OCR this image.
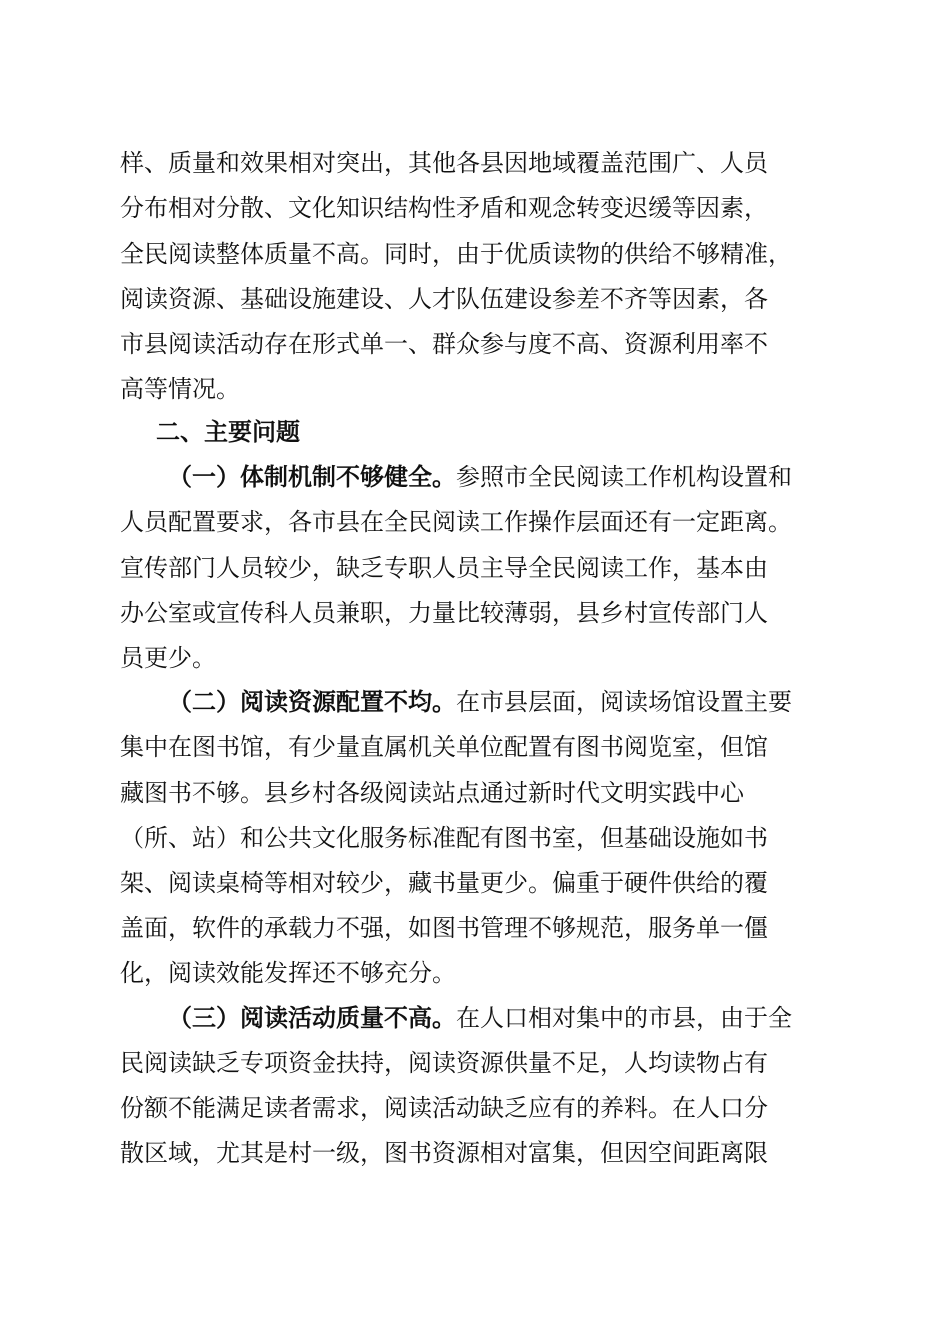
样、质量和效果相对突出，其他各县因地域覆盖范围广、人员
分布相对分散、文化知识结构性矛盾和观念转变迟缓等因素，
全民阅读整体质量不高。同时，由于优质读物的供给不够精准，
阅读资源、基础设施建设、人才队伍建设参差不齐等因素，各
市县阅读活动存在形式单一、群众参与度不高、资源利用率不
高等情况。
二、主要问题
（一）体制机制不够健全。参照市全民阅读工作机构设置和
人员配置要求，各市县在全民阅读工作操作层面还有一定距离。
宣传部门人员较少，缺乏专职人员主导全民阅读工作，基本由
办公室或宣传科人员兼职，力量比较薄弱，县乡村宣传部门人
员更少。
（二）阅读资源配置不均。在市县层面，阅读场馆设置主要
集中在图书馆，有少量直属机关单位配置有图书阅览室，但馆
藏图书不够。县乡村各级阅读站点通过新时代文明实践中心
（所、站）和公共文化服务标准配有图书室，但基础设施如书
架、阅读桌椅等相对较少，藏书量更少。偏重于硬件供给的覆
盖面，软件的承载力不强，如图书管理不够规范，服务单一僵
化，阅读效能发挥还不够充分。
（三）阅读活动质量不高。在人口相对集中的市县，由于全
民阅读缺乏专项资金扶持，阅读资源供量不足，人均读物占有
份额不能满足读者需求，阅读活动缺乏应有的养料。在人口分
散区域，尤其是村一级，图书资源相对富集，但因空间距离限
